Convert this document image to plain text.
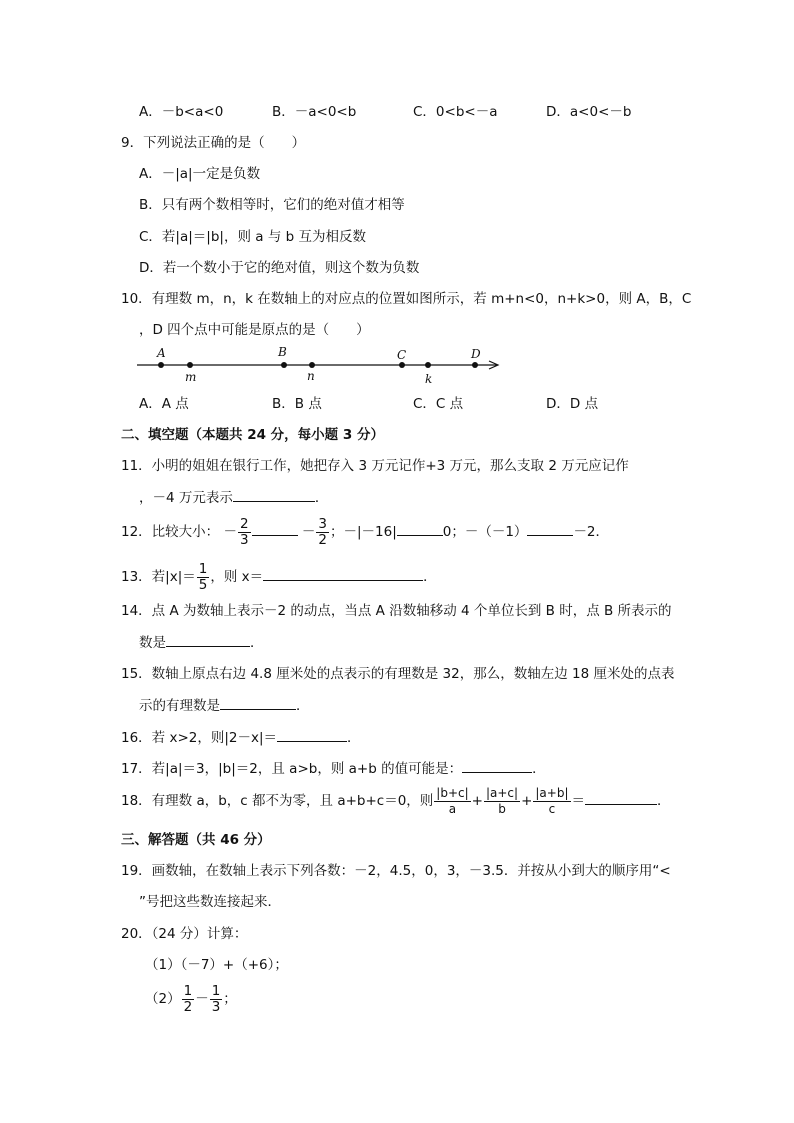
A．－b<a<0	B．－a<0<b	C．0<b<－a	D．a<0<－b
9．下列说法正确的是（　　）
A．－|a|一定是负数
B．只有两个数相等时，它们的绝对值才相等
C．若|a|＝|b|，则 a 与 b 互为相反数
D．若一个数小于它的绝对值，则这个数为负数
10．有理数 m，n，k 在数轴上的对应点的位置如图所示，若 m+n<0，n+k>0，则 A，B，C
，D 四个点中可能是原点的是（　　）
A
m
B
n
C
k
D
A．A 点	B．B 点	C．C 点	D．D 点
二、填空题（本题共 24 分，每小题 3 分）
11．小明的姐姐在银行工作，她把存入 3 万元记作+3 万元，那么支取 2 万元应记作
，－4 万元表示	．
12．比较大小： － $\frac{2}{3}$	－ $\frac{3}{2}$ ；－|－16|	0；－（－1）	－2．
13．若$|x|= \frac{1}{5}$ ，则 x＝	．
14．点 A 为数轴上表示－2 的动点，当点 A 沿数轴移动 4 个单位长到 B 时，点 B 所表示的
数是	．
15．数轴上原点右边 4.8 厘米处的点表示的有理数是 32，那么，数轴左边 18 厘米处的点表
示的有理数是	．
16．若 x>2，则|2－x|＝	．
17．若|a|＝3，|b|＝2，且 a>b，则 a+b 的值可能是：	．
18．有理数 a，b，c 都不为零，且 a+b+c＝0，则 $\frac{|b+c|}{a} + \frac{|a+c|}{b} + \frac{|a+b|}{c}$ ＝	．
三、解答题（共 46 分）
19．画数轴，在数轴上表示下列各数：－2，4.5，0，3，－3.5．并按从小到大的顺序用“<
”号把这些数连接起来．
20．（24 分）计算：
（1）（－7）+（+6）；
$(2) \frac{1}{2} - \frac{1}{3}$ ；
